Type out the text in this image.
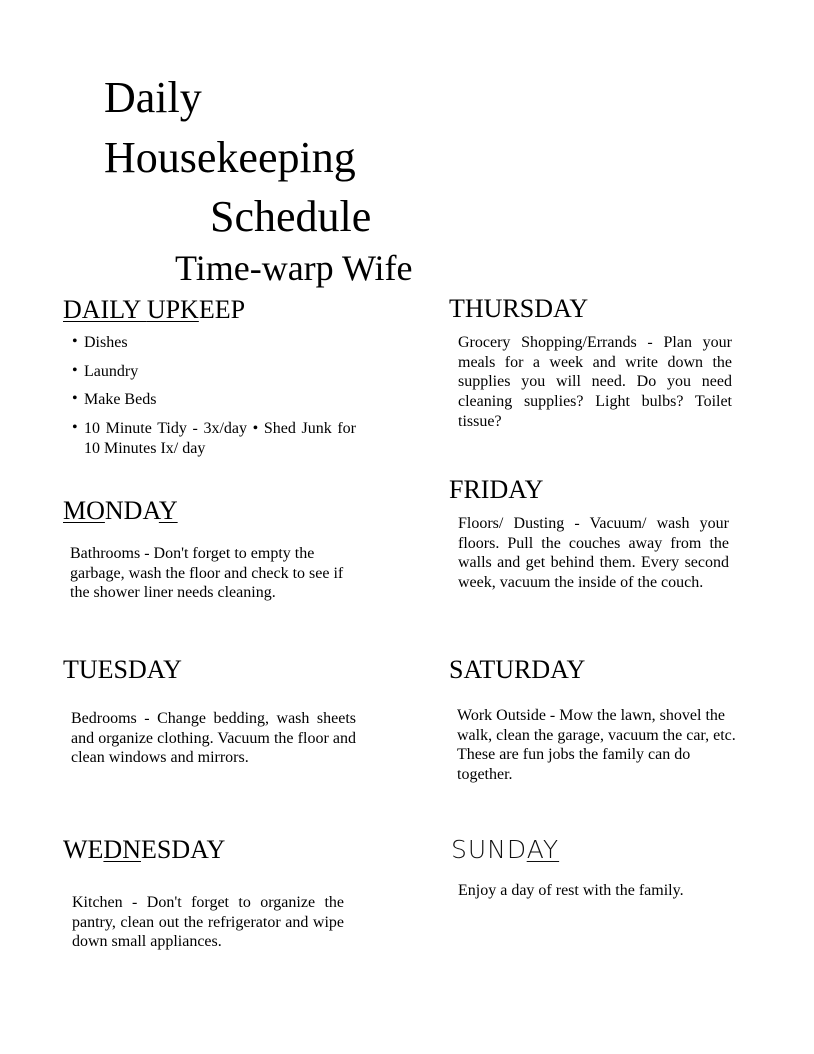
Daily
Housekeeping
Schedule
Time-warp Wife
DAILY UPKEEP
• Dishes
• Laundry
• Make Beds
• 10 Minute Tidy - 3x/day • Shed Junk for 10 Minutes Ix/ day
MONDAY
Bathrooms - Don't forget to empty the garbage, wash the floor and check to see if the shower liner needs cleaning.
TUESDAY
Bedrooms - Change bedding, wash sheets and organize clothing. Vacuum the floor and clean windows and mirrors.
WEDNESDAY
Kitchen - Don't forget to organize the pantry, clean out the refrigerator and wipe down small appliances.
THURSDAY
Grocery Shopping/Errands - Plan your meals for a week and write down the supplies you will need. Do you need cleaning supplies? Light bulbs? Toilet tissue?
FRIDAY
Floors/ Dusting - Vacuum/ wash your floors. Pull the couches away from the walls and get behind them. Every second week, vacuum the inside of the couch.
SATURDAY
Work Outside - Mow the lawn, shovel the walk, clean the garage, vacuum the car, etc. These are fun jobs the family can do together.
SUNDAY
Enjoy a day of rest with the family.
